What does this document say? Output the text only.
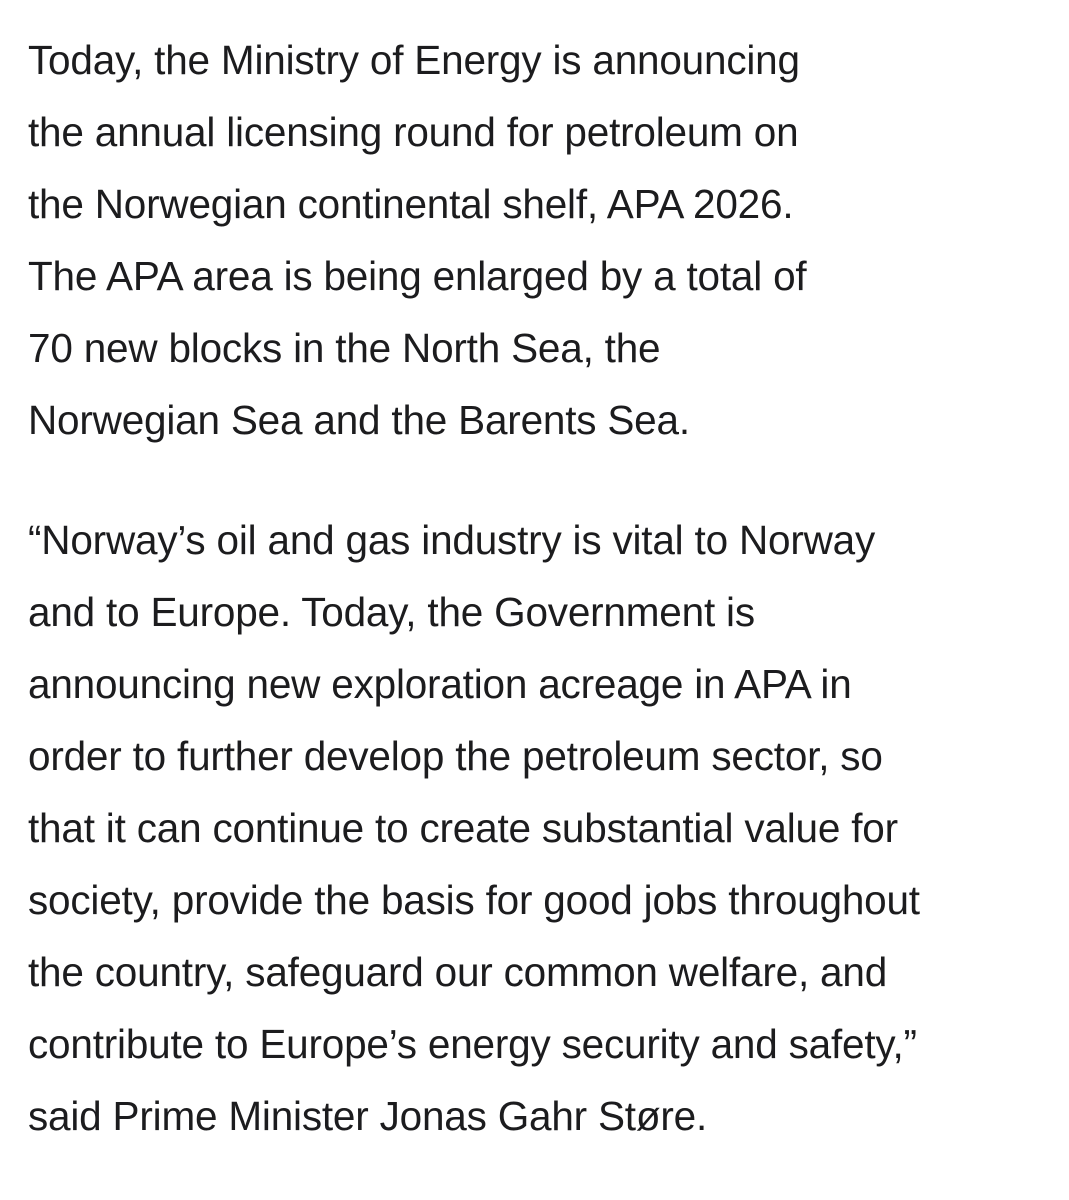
Today, the Ministry of Energy is announcing
the annual licensing round for petroleum on
the Norwegian continental shelf, APA 2026.
The APA area is being enlarged by a total of
70 new blocks in the North Sea, the
Norwegian Sea and the Barents Sea.

“Norway’s oil and gas industry is vital to Norway
and to Europe. Today, the Government is
announcing new exploration acreage in APA in
order to further develop the petroleum sector, so
that it can continue to create substantial value for
society, provide the basis for good jobs throughout
the country, safeguard our common welfare, and
contribute to Europe’s energy security and safety,”
said Prime Minister Jonas Gahr Støre.
